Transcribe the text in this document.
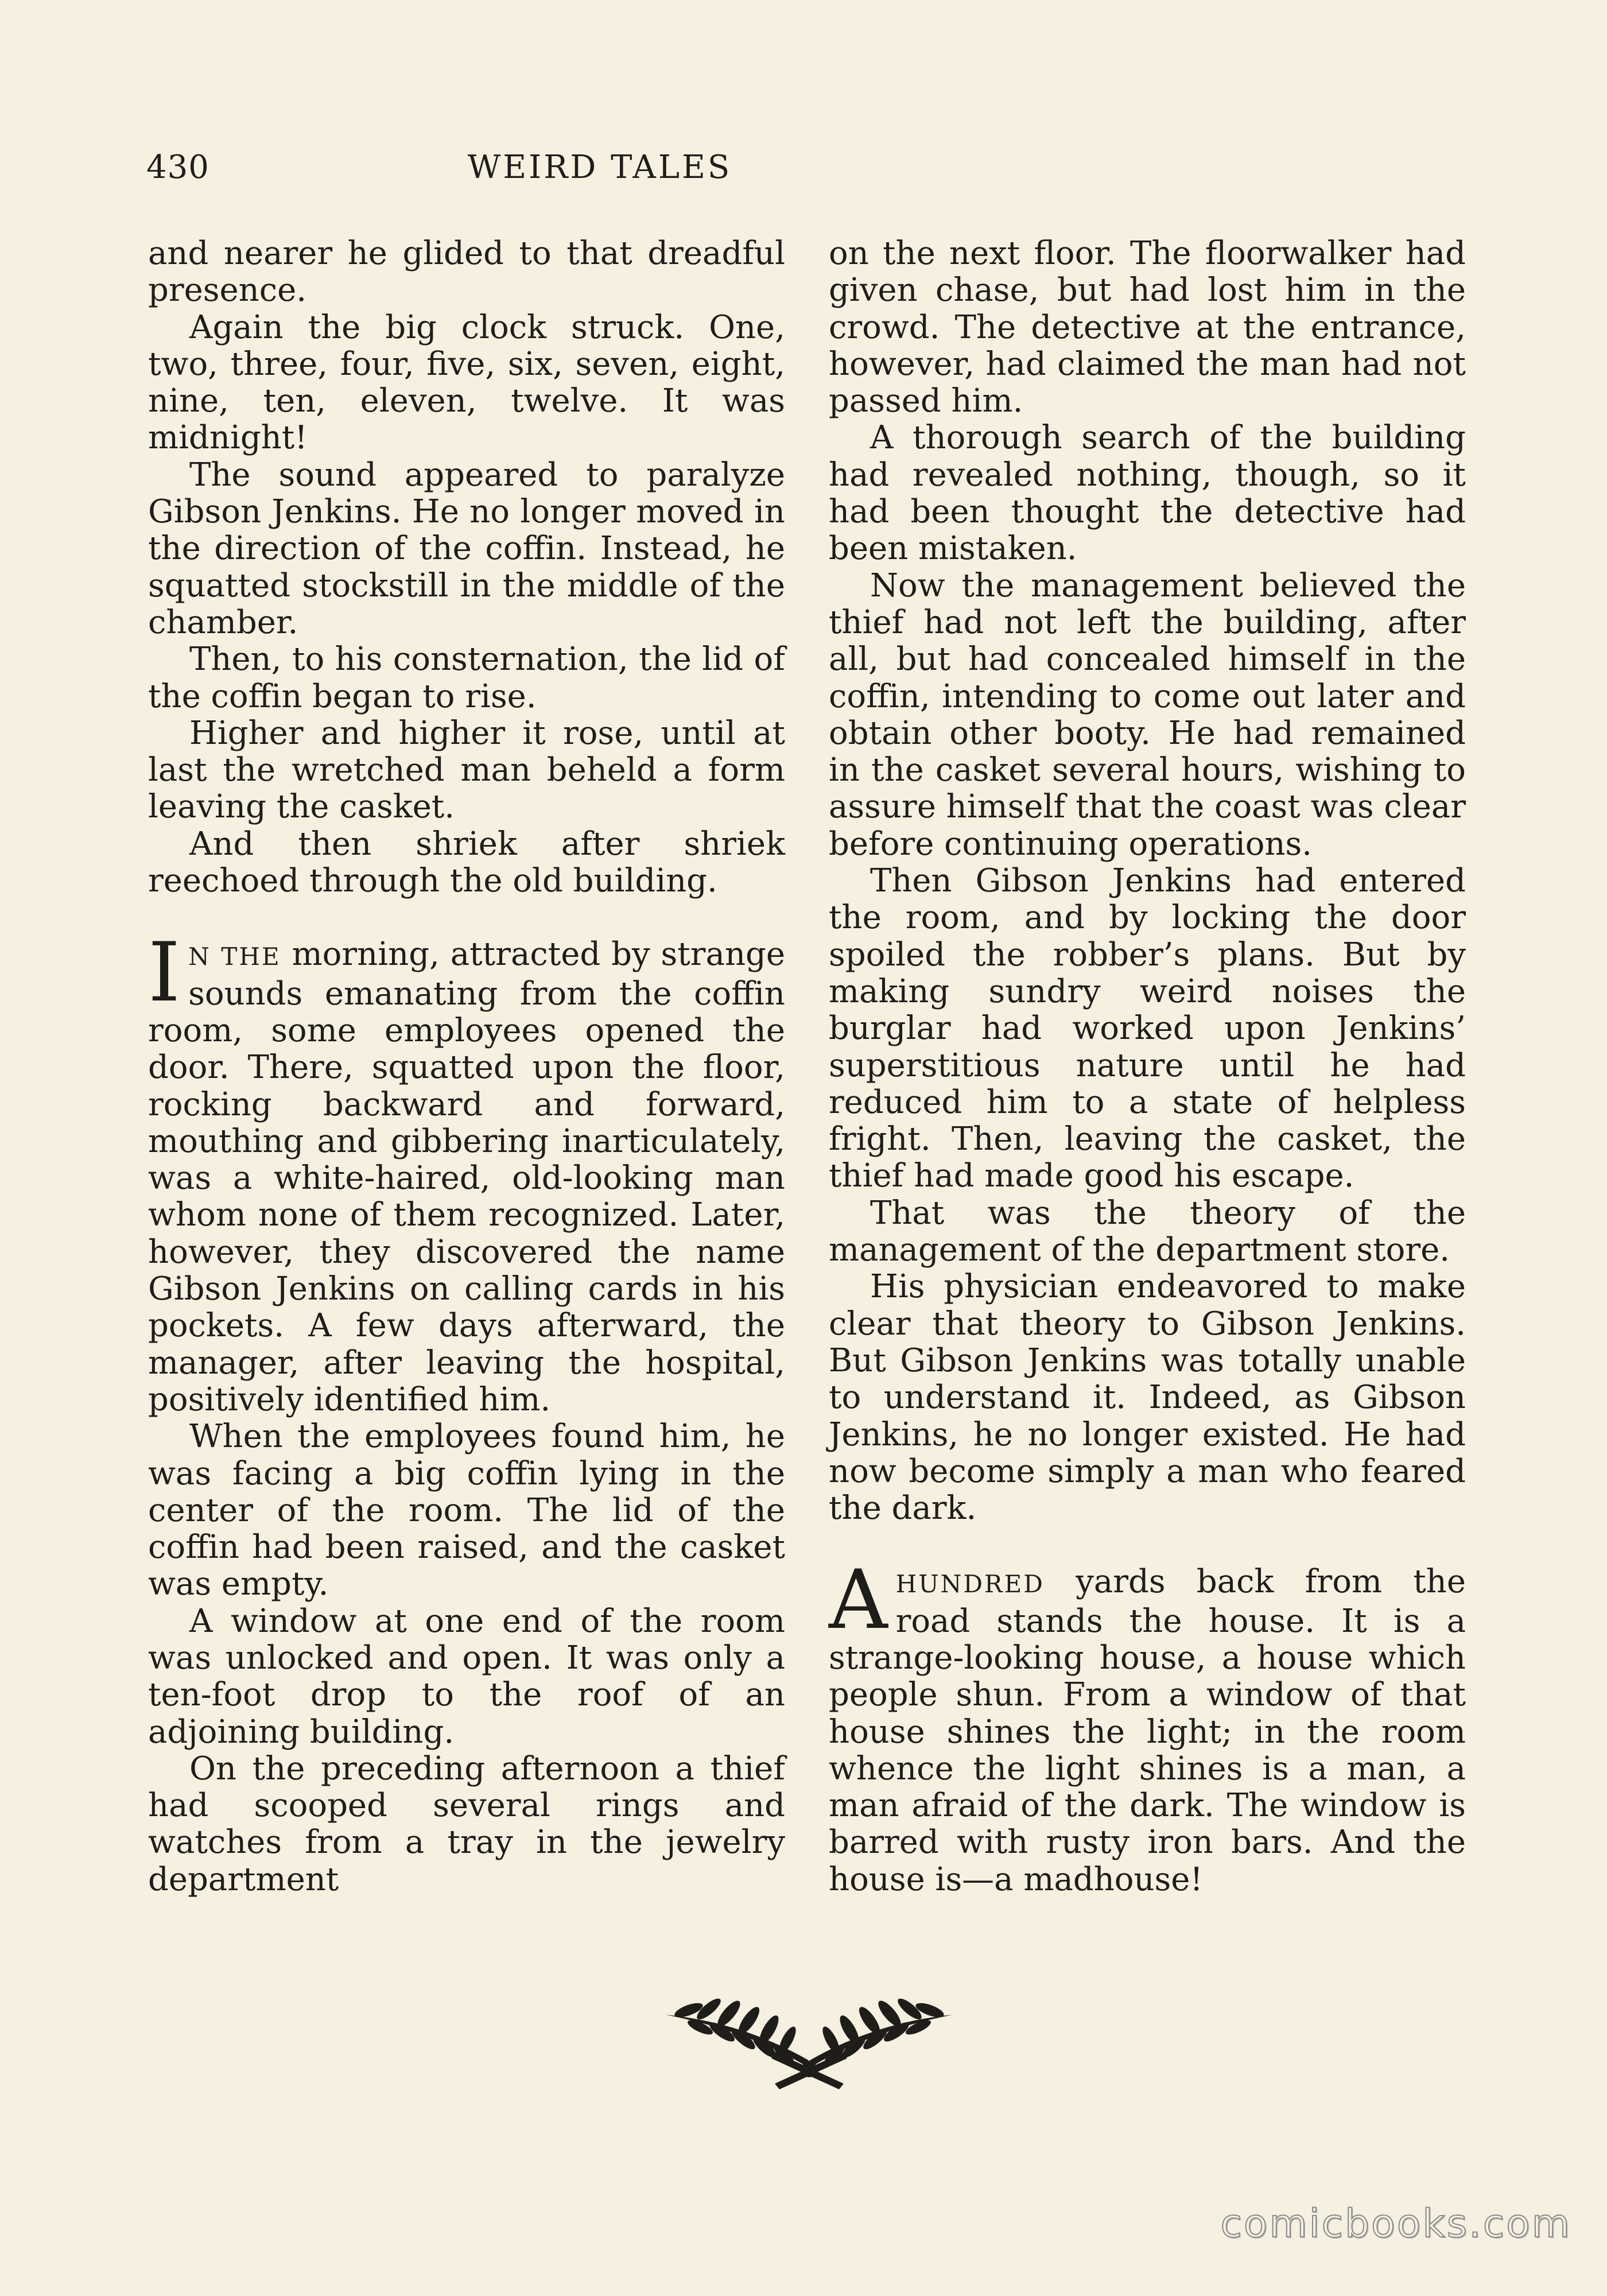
430	WEIRD TALES

and nearer he glided to that dreadful presence.

Again the big clock struck. One, two, three, four, five, six, seven, eight, nine, ten, eleven, twelve. It was midnight!

The sound appeared to paralyze Gibson Jenkins. He no longer moved in the direction of the coffin. Instead, he squatted stockstill in the middle of the chamber.

Then, to his consternation, the lid of the coffin began to rise.

Higher and higher it rose, until at last the wretched man beheld a form leaving the casket.

And then shriek after shriek reechoed through the old building.

IN THE morning, attracted by strange sounds emanating from the coffin room, some employees opened the door. There, squatted upon the floor, rocking backward and forward, mouthing and gibbering inarticulately, was a white-haired, old-looking man whom none of them recognized. Later, however, they discovered the name Gibson Jenkins on calling cards in his pockets. A few days afterward, the manager, after leaving the hospital, positively identified him.

When the employees found him, he was facing a big coffin lying in the center of the room. The lid of the coffin had been raised, and the casket was empty.

A window at one end of the room was unlocked and open. It was only a ten-foot drop to the roof of an adjoining building.

On the preceding afternoon a thief had scooped several rings and watches from a tray in the jewelry department

on the next floor. The floorwalker had given chase, but had lost him in the crowd. The detective at the entrance, however, had claimed the man had not passed him.

A thorough search of the building had revealed nothing, though, so it had been thought the detective had been mistaken.

Now the management believed the thief had not left the building, after all, but had concealed himself in the coffin, intending to come out later and obtain other booty. He had remained in the casket several hours, wishing to assure himself that the coast was clear before continuing operations.

Then Gibson Jenkins had entered the room, and by locking the door spoiled the robber’s plans. But by making sundry weird noises the burglar had worked upon Jenkins’ superstitious nature until he had reduced him to a state of helpless fright. Then, leaving the casket, the thief had made good his escape.

That was the theory of the management of the department store.

His physician endeavored to make clear that theory to Gibson Jenkins. But Gibson Jenkins was totally unable to understand it. Indeed, as Gibson Jenkins, he no longer existed. He had now become simply a man who feared the dark.

A HUNDRED yards back from the road stands the house. It is a strange-looking house, a house which people shun. From a window of that house shines the light; in the room whence the light shines is a man, a man afraid of the dark. The window is barred with rusty iron bars. And the house is—a madhouse!

comicbooks.com
